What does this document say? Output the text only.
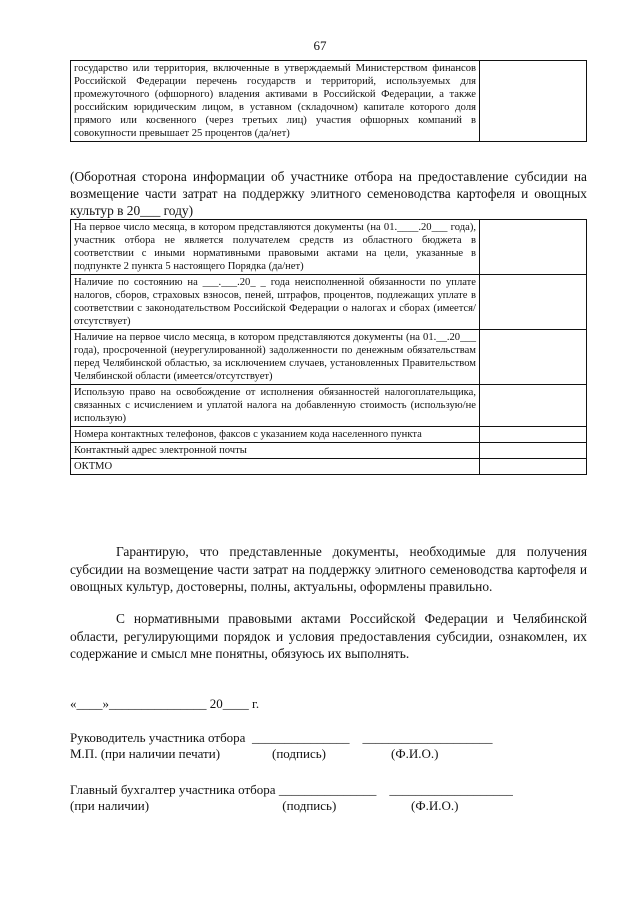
67
государство или территория, включенные в утверждаемый Министерством финансов Российской Федерации перечень государств и территорий, используемых для промежуточного (офшорного) владения активами в Российской Федерации, а также российским юридическим лицом, в уставном (складочном) капитале которого доля прямого или косвенного (через третьих лиц) участия офшорных компаний в совокупности превышает 25 процентов (да/нет)	
(Оборотная сторона информации об участнике отбора на предоставление субсидии на возмещение части затрат на поддержку элитного семеноводства картофеля и овощных культур в 20___ году)
На первое число месяца, в котором представляются документы (на 01.____.20___ года), участник отбора не является получателем средств из областного бюджета в соответствии с иными нормативными правовыми актами на цели, указанные в подпункте 2 пункта 5 настоящего Порядка (да/нет)	
Наличие по состоянию на ___.___.20_ _ года неисполненной обязанности по уплате налогов, сборов, страховых взносов, пеней, штрафов, процентов, подлежащих уплате в соответствии с законодательством Российской Федерации о налогах и сборах (имеется/отсутствует)	
Наличие на первое число месяца, в котором представляются документы (на 01.__.20___ года), просроченной (неурегулированной) задолженности по денежным обязательствам перед Челябинской областью, за исключением случаев, установленных Правительством Челябинской области (имеется/отсутствует)	
Использую право на освобождение от исполнения обязанностей налогоплательщика, связанных с исчислением и уплатой налога на добавленную стоимость (использую/не использую)	
Номера контактных телефонов, факсов с указанием кода населенного пункта	
Контактный адрес электронной почты	
ОКТМО	
Гарантирую, что представленные документы, необходимые для получения субсидии на возмещение части затрат на поддержку элитного семеноводства картофеля и овощных культур, достоверны, полны, актуальны, оформлены правильно.
С нормативными правовыми актами Российской Федерации и Челябинской области, регулирующими порядок и условия предоставления субсидии, ознакомлен, их содержание и смысл мне понятны, обязуюсь их выполнять.
«____»_______________ 20____ г.
Руководитель участника отбора  _______________    ____________________
М.П. (при наличии печати)                (подпись)                    (Ф.И.О.)
Главный бухгалтер участника отбора _______________    ___________________
(при наличии)                                         (подпись)                       (Ф.И.О.)
